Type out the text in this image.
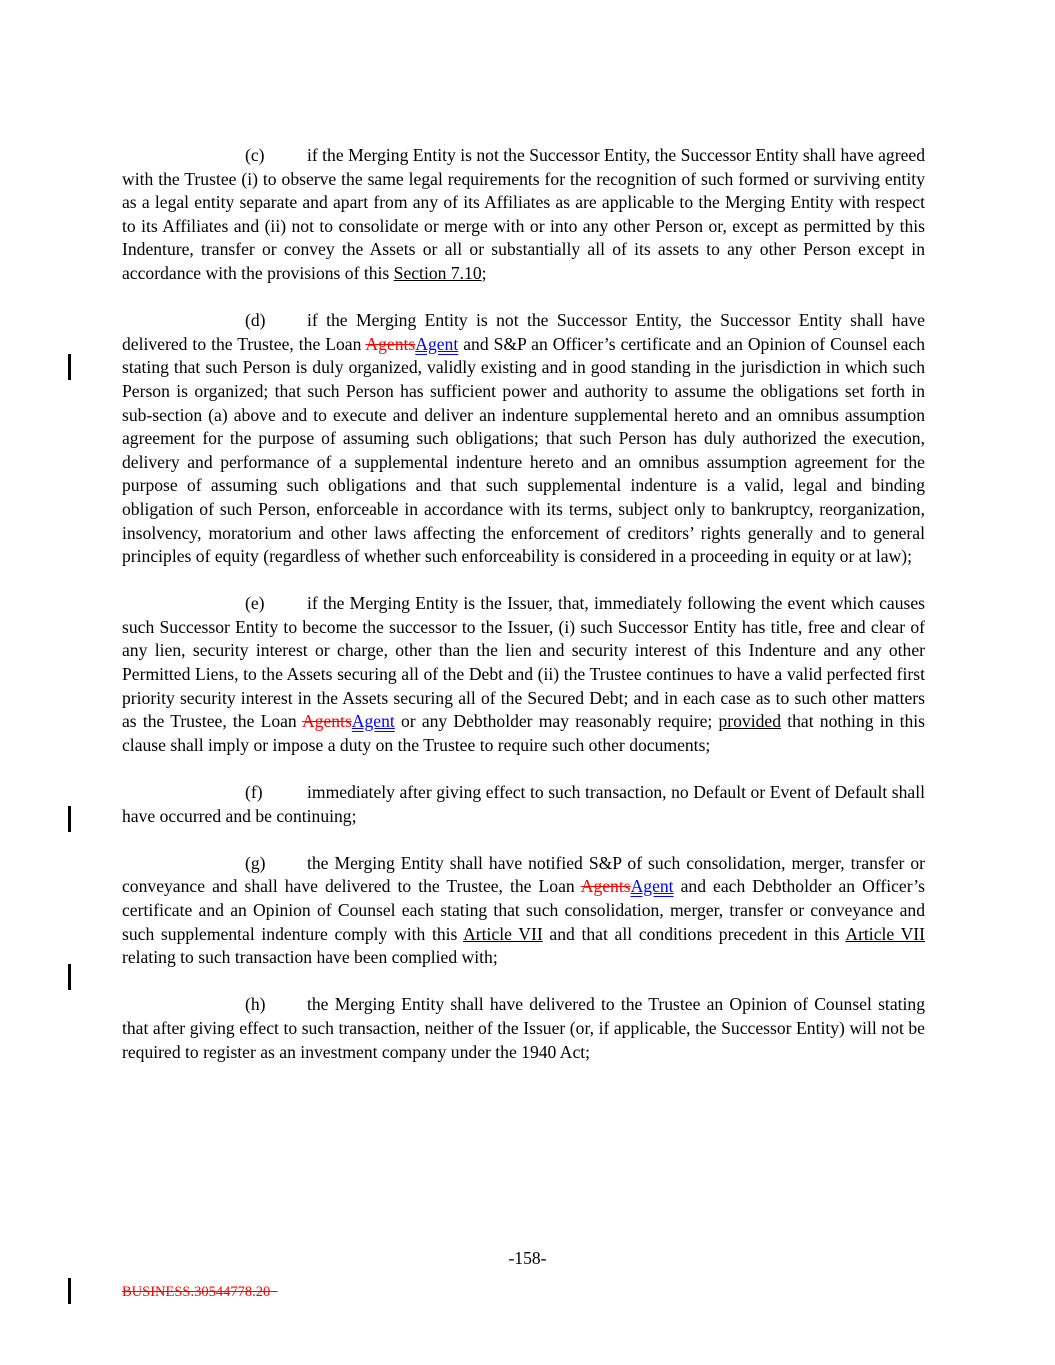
(c) if the Merging Entity is not the Successor Entity, the Successor Entity shall have agreed with the Trustee (i) to observe the same legal requirements for the recognition of such formed or surviving entity as a legal entity separate and apart from any of its Affiliates as are applicable to the Merging Entity with respect to its Affiliates and (ii) not to consolidate or merge with or into any other Person or, except as permitted by this Indenture, transfer or convey the Assets or all or substantially all of its assets to any other Person except in accordance with the provisions of this Section 7.10;

(d) if the Merging Entity is not the Successor Entity, the Successor Entity shall have delivered to the Trustee, the Loan AgentsAgent and S&P an Officer’s certificate and an Opinion of Counsel each stating that such Person is duly organized, validly existing and in good standing in the jurisdiction in which such Person is organized; that such Person has sufficient power and authority to assume the obligations set forth in sub-section (a) above and to execute and deliver an indenture supplemental hereto and an omnibus assumption agreement for the purpose of assuming such obligations; that such Person has duly authorized the execution, delivery and performance of a supplemental indenture hereto and an omnibus assumption agreement for the purpose of assuming such obligations and that such supplemental indenture is a valid, legal and binding obligation of such Person, enforceable in accordance with its terms, subject only to bankruptcy, reorganization, insolvency, moratorium and other laws affecting the enforcement of creditors’ rights generally and to general principles of equity (regardless of whether such enforceability is considered in a proceeding in equity or at law);

(e) if the Merging Entity is the Issuer, that, immediately following the event which causes such Successor Entity to become the successor to the Issuer, (i) such Successor Entity has title, free and clear of any lien, security interest or charge, other than the lien and security interest of this Indenture and any other Permitted Liens, to the Assets securing all of the Debt and (ii) the Trustee continues to have a valid perfected first priority security interest in the Assets securing all of the Secured Debt; and in each case as to such other matters as the Trustee, the Loan AgentsAgent or any Debtholder may reasonably require; provided that nothing in this clause shall imply or impose a duty on the Trustee to require such other documents;

(f)	immediately after giving effect to such transaction, no Default or Event of Default shall have occurred and be continuing;

(g) the Merging Entity shall have notified S&P of such consolidation, merger, transfer or conveyance and shall have delivered to the Trustee, the Loan AgentsAgent and each Debtholder an Officer’s certificate and an Opinion of Counsel each stating that such consolidation, merger, transfer or conveyance and such supplemental indenture comply with this Article VII and that all conditions precedent in this Article VII relating to such transaction have been complied with;

(h) the Merging Entity shall have delivered to the Trustee an Opinion of Counsel stating that after giving effect to such transaction, neither of the Issuer (or, if applicable, the Successor Entity) will not be required to register as an investment company under the 1940 Act;

-158-
BUSINESS.30544778.20
